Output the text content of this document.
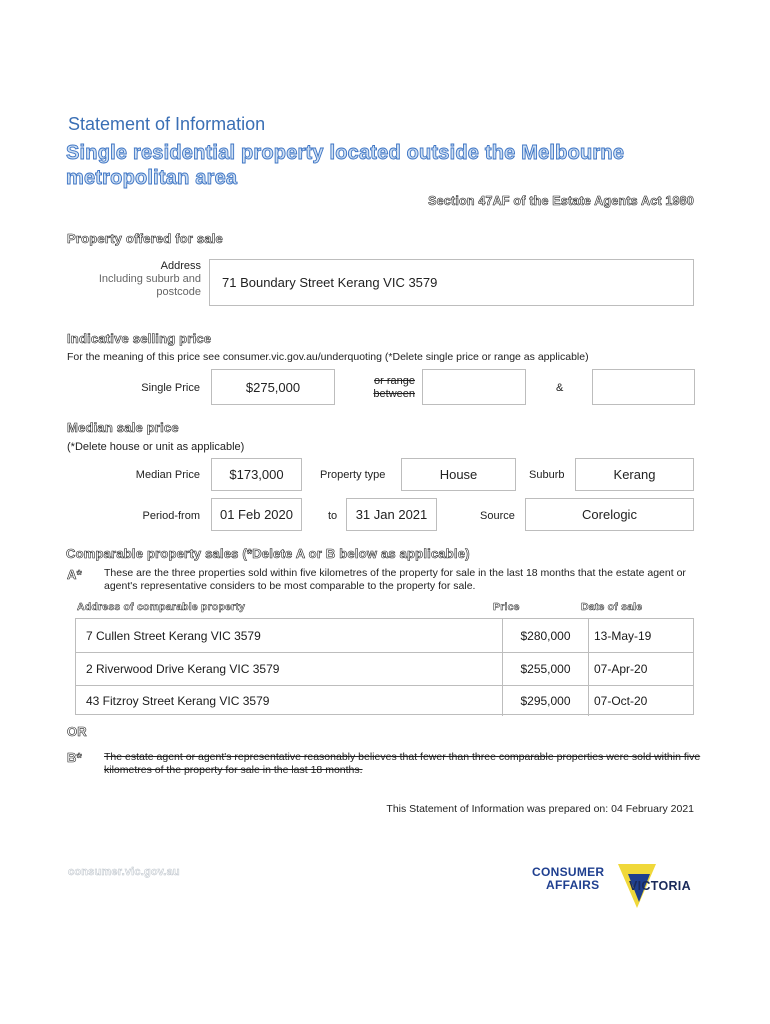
Statement of Information
Single residential property located outside the Melbourne metropolitan area
Section 47AF of the Estate Agents Act 1980
Property offered for sale
Address
Including suburb and
postcode
71 Boundary Street Kerang VIC 3579
Indicative selling price
For the meaning of this price see consumer.vic.gov.au/underquoting (*Delete single price or range as applicable)
Single Price	$275,000	or range
between	&
Median sale price
(*Delete house or unit as applicable)
Median Price	$173,000	Property type	House	Suburb	Kerang
Period-from	01 Feb 2020	to	31 Jan 2021	Source	Corelogic
Comparable property sales (*Delete A or B below as applicable)
A* These are the three properties sold within five kilometres of the property for sale in the last 18 months that the estate agent or agent's representative considers to be most comparable to the property for sale.
Address of comparable property	Price	Date of sale
7 Cullen Street Kerang VIC 3579	$280,000	13-May-19
2 Riverwood Drive Kerang VIC 3579	$255,000	07-Apr-20
43 Fitzroy Street Kerang VIC 3579	$295,000	07-Oct-20
OR
B* The estate agent or agent's representative reasonably believes that fewer than three comparable properties were sold within five kilometres of the property for sale in the last 18 months.
This Statement of Information was prepared on: 04 February 2021
consumer.vic.gov.au	CONSUMER
AFFAIRS	VICTORIA
